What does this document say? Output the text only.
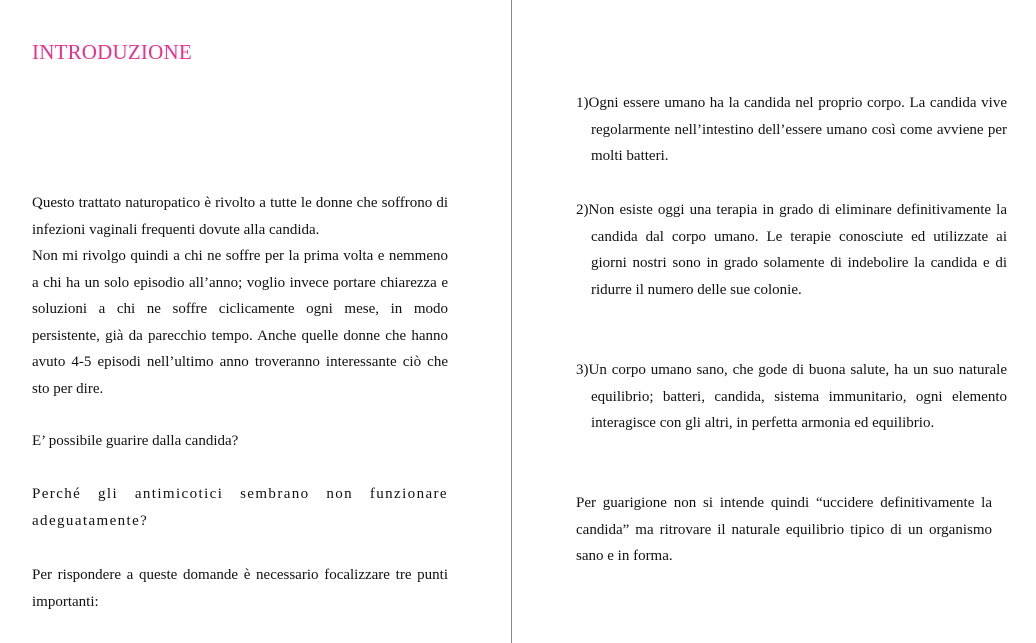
INTRODUZIONE

Questo trattato naturopatico è rivolto a tutte le donne che soffrono di infezioni vaginali frequenti dovute alla candida.

Non mi rivolgo quindi a chi ne soffre per la prima volta e nemmeno a chi ha un solo episodio all’anno; voglio invece portare chiarezza e soluzioni a chi ne soffre ciclicamente ogni mese, in modo persistente, già da parecchio tempo. Anche quelle donne che hanno avuto 4-5 episodi nell’ultimo anno troveranno interessante ciò che sto per dire.

E’ possibile guarire dalla candida?

Perché gli antimicotici sembrano non funzionare adeguatamente?

Per rispondere a queste domande è necessario focalizzare tre punti importanti:

1)Ogni essere umano ha la candida nel proprio corpo. La candida vive regolarmente nell’intestino dell’essere umano così come avviene per molti batteri.

2)Non esiste oggi una terapia in grado di eliminare definitivamente la candida dal corpo umano. Le terapie conosciute ed utilizzate ai giorni nostri sono in grado solamente di indebolire la candida e di ridurre il numero delle sue colonie.

3)Un corpo umano sano, che gode di buona salute, ha un suo naturale equilibrio; batteri, candida, sistema immunitario, ogni elemento interagisce con gli altri, in perfetta armonia ed equilibrio.

Per guarigione non si intende quindi “uccidere definitivamente la candida” ma ritrovare il naturale equilibrio tipico di un organismo sano e in forma.
